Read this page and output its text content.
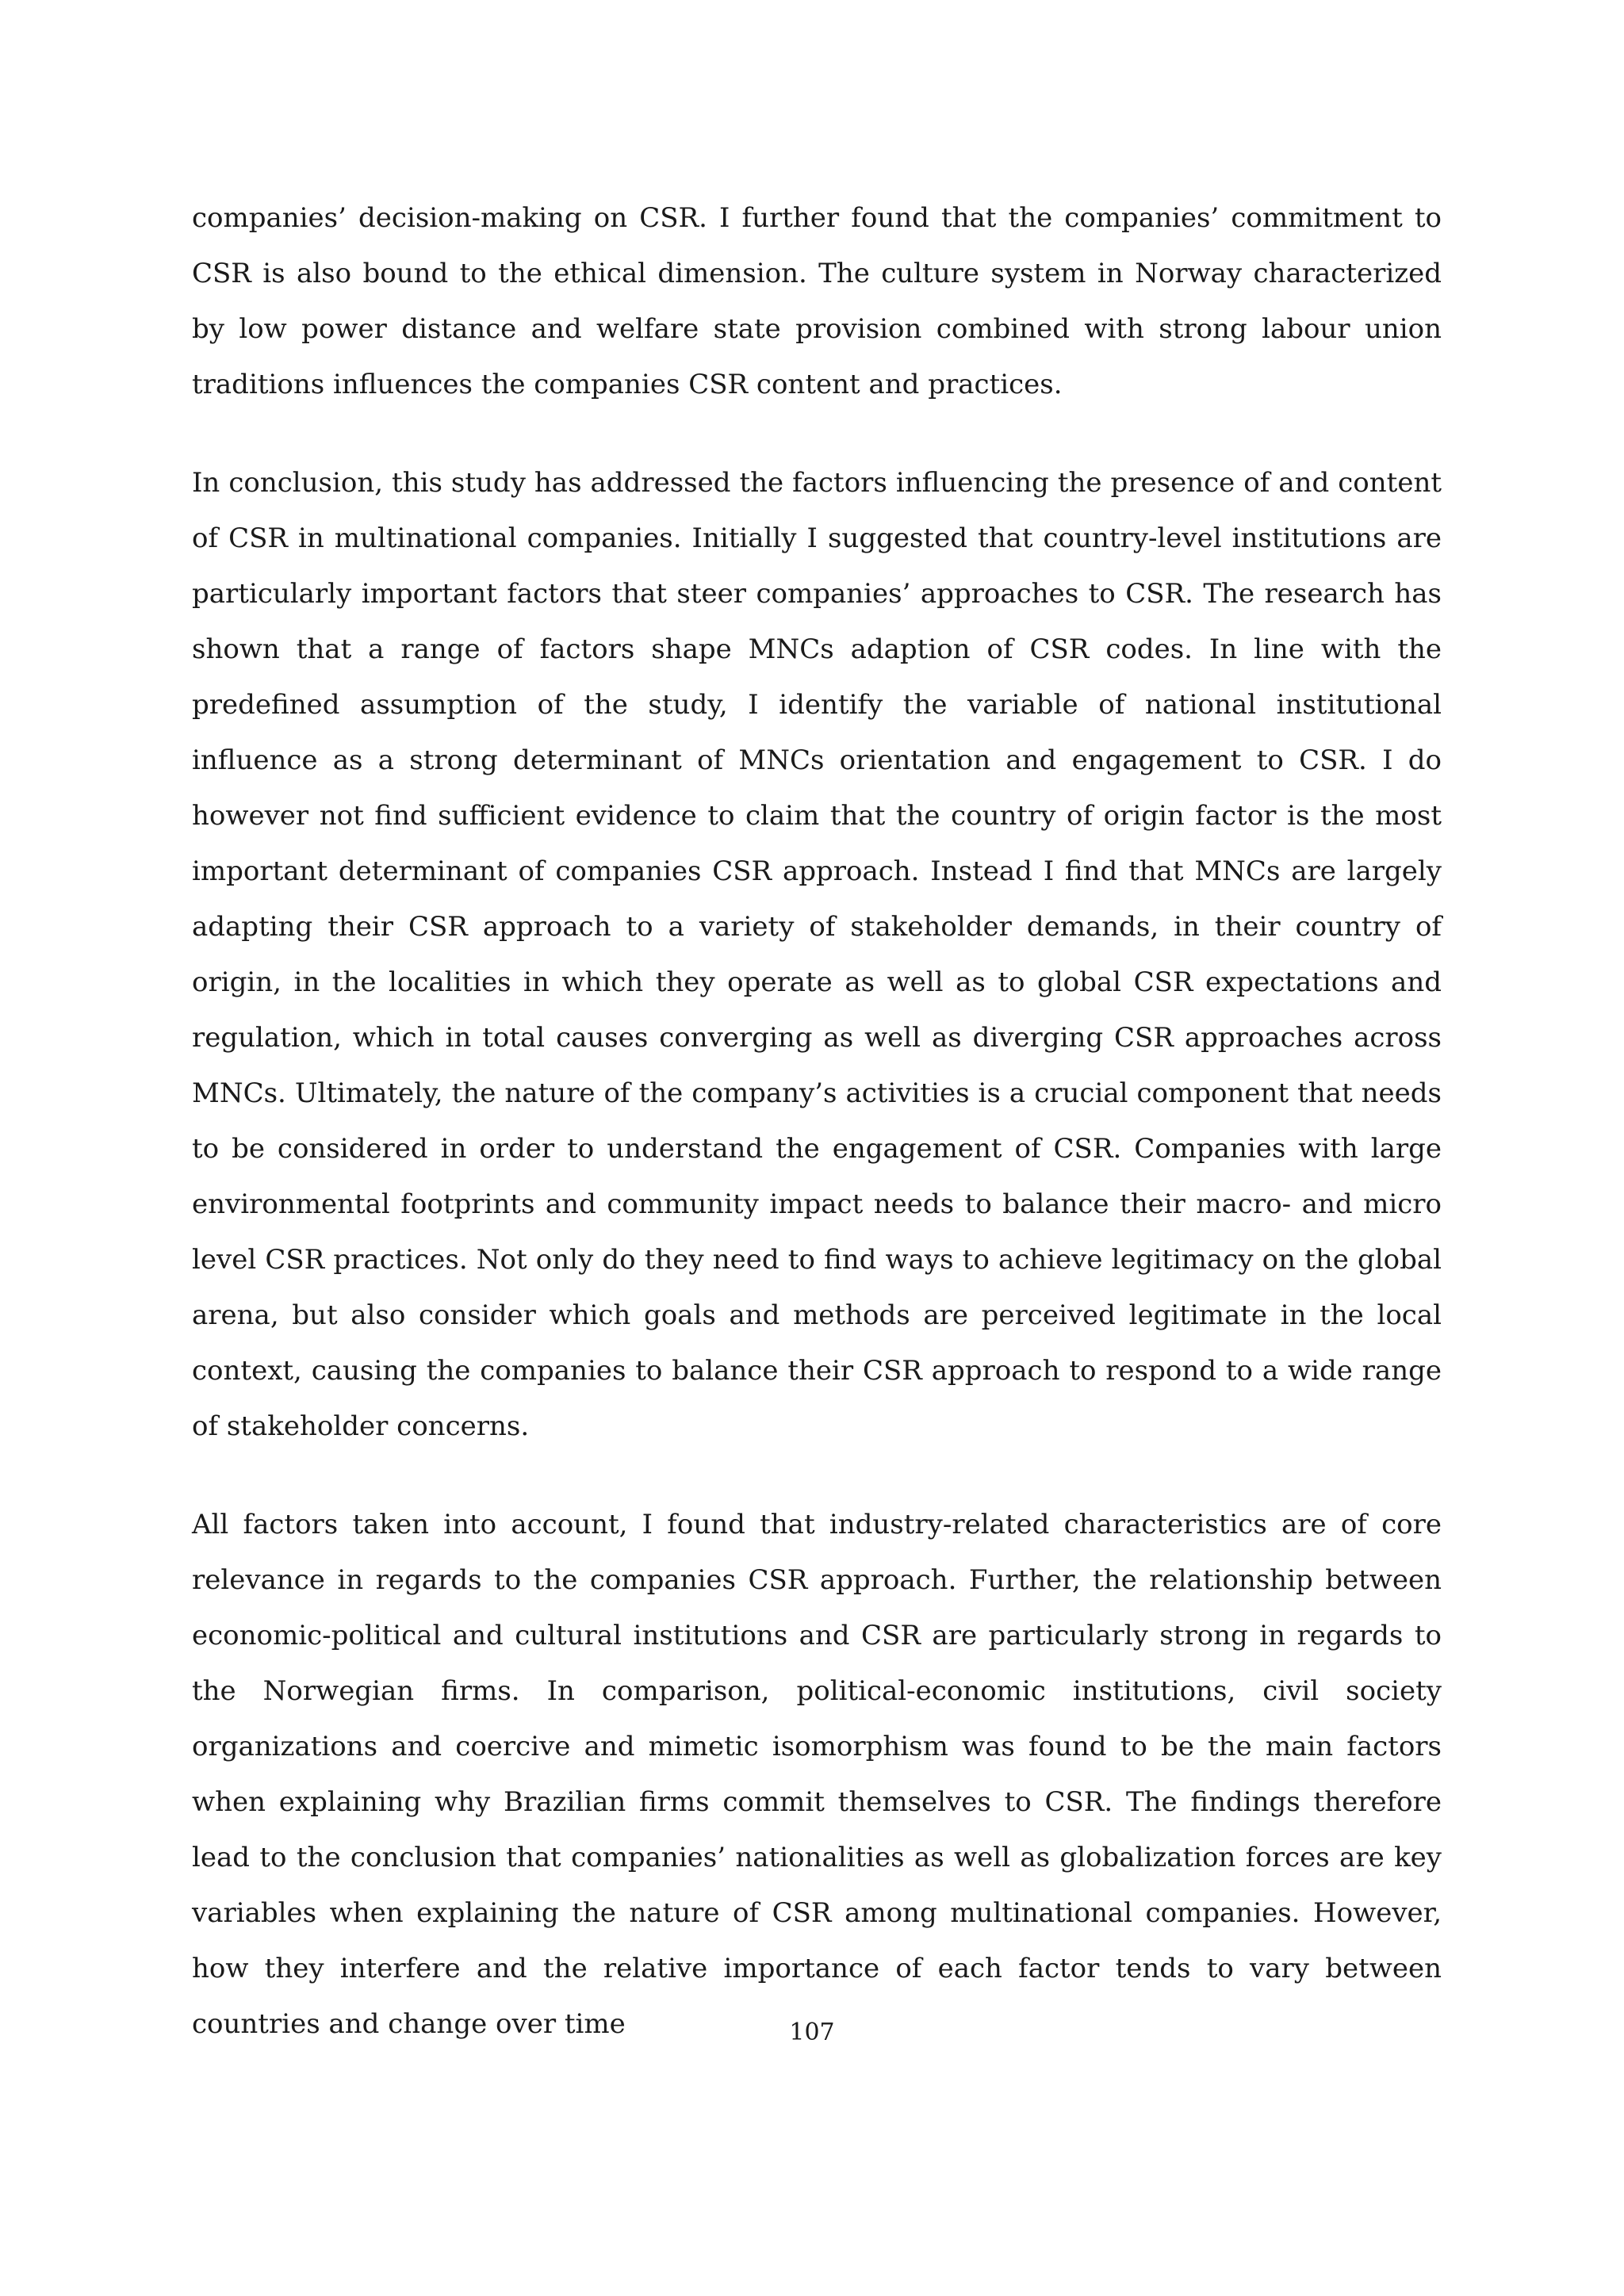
companies’ decision-making on CSR. I further found that the companies’ commitment to CSR is also bound to the ethical dimension. The culture system in Norway characterized by low power distance and welfare state provision combined with strong labour union traditions influences the companies CSR content and practices.

In conclusion, this study has addressed the factors influencing the presence of and content of CSR in multinational companies. Initially I suggested that country-level institutions are particularly important factors that steer companies’ approaches to CSR. The research has shown that a range of factors shape MNCs adaption of CSR codes. In line with the predefined assumption of the study, I identify the variable of national institutional influence as a strong determinant of MNCs orientation and engagement to CSR. I do however not find sufficient evidence to claim that the country of origin factor is the most important determinant of companies CSR approach. Instead I find that MNCs are largely adapting their CSR approach to a variety of stakeholder demands, in their country of origin, in the localities in which they operate as well as to global CSR expectations and regulation, which in total causes converging as well as diverging CSR approaches across MNCs. Ultimately, the nature of the company’s activities is a crucial component that needs to be considered in order to understand the engagement of CSR. Companies with large environmental footprints and community impact needs to balance their macro- and micro level CSR practices. Not only do they need to find ways to achieve legitimacy on the global arena, but also consider which goals and methods are perceived legitimate in the local context, causing the companies to balance their CSR approach to respond to a wide range of stakeholder concerns.

All factors taken into account, I found that industry-related characteristics are of core relevance in regards to the companies CSR approach. Further, the relationship between economic-political and cultural institutions and CSR are particularly strong in regards to the Norwegian firms. In comparison, political-economic institutions, civil society organizations and coercive and mimetic isomorphism was found to be the main factors when explaining why Brazilian firms commit themselves to CSR. The findings therefore lead to the conclusion that companies’ nationalities as well as globalization forces are key variables when explaining the nature of CSR among multinational companies. However, how they interfere and the relative importance of each factor tends to vary between countries and change over time	107
